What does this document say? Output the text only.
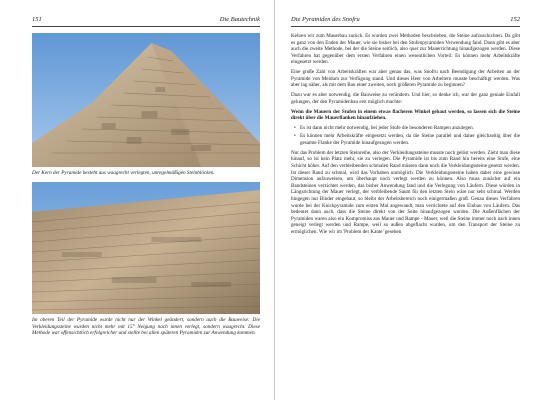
151	Die Bautechnik
Der Kern der Pyramide besteht aus waagrecht verlegten, unregelmäßigen Steinblöcken.
Im oberen Teil der Pyramide wurde nicht nur der Winkel geändert, sondern auch die Bauweise: Die Verkleidungssteine wurden nicht mehr mit 15° Neigung nach innen verlegt, sondern waagrecht. Diese Methode war offensichtlich erfolgreicher und stellte bei allen späteren Pyramiden zur Anwendung kommen.
Die Pyramiden des Snofru	152

Kehren wir zum Mauerbau zurück. Es wurden zwei Methoden beschrieben, die Steine aufzuschichten. Da gibt es ganz von den Enden der Mauer, wie sie bisher bei den Stufenpyramiden Verwendung fand. Dann gibt es aber auch die zweite Methode, bei der die Steine seitlich, also quer zur Mauerrichtung hinaufgezogen werden. Diese Verfahren hat gegenüber dem ersten Verfahren einen wesentlichen Vorteil: Es können mehr Arbeitskräfte eingesetzt werden.

Eine große Zahl von Arbeitskräften war aber genau das, was Snofru nach Beendigung der Arbeiten an der Pyramide von Meidum zur Verfügung stand. Und dieses Heer von Arbeitern musste beschäftigt werden. Was aber lag näher, als mit dem Bau einer zweiten, noch größeren Pyramide zu beginnen?

Dazu war es aber notwendig, die Bauweise zu verändern. Und hier, so denke ich, war der ganz geniale Einfall gelungen, der den Pyramidenbau erst möglich machte:

Wenn die Mauern der Stufen in einem etwas flacheren Winkel gebaut werden, so lassen sich die Steine direkt über die Mauerflanken hinaufziehen.

• Es ist dann nicht mehr notwendig, bei jeder Stufe die besonderen Rampen anzulegen.
• Es können mehr Arbeitskräfte eingesetzt werden, da die Steine parallel und daher gleichzeitig über die gesamte Flanke der Pyramide hinaufgezogen werden.

Nur das Problem der letzten Steinreihe, also der Verkleidungssteine musste noch gelöst werden. Zieht man diese hinauf, so ist kein Platz mehr, sie zu verlegen. Die Pyramide ist bis zum Rand hin bereits eine Stufe, eine Schicht höher. Auf den verbleibenden schmalen Rand müssen dann noch die Verkleidungssteine gesetzt werden. Ist dieser Rand zu schmal, wird das Vorhaben unmöglich. Die Verkleidungssteine haben daher eine gewisse Dimension aufzuweisen, um überhaupt noch verlegt werden zu können. Also muss zunächst auf ein Bandsteinen verzichtet werden, das bisher Anwendung fand und die Verlegung von Läufern. Diese würden in Längsrichtung der Mauer verlegt, der verbleibende Saum für den letzten Stein wäre nur sehr schmal. Werden hingegen nur Binder eingebaut, so bleibt der Arbeitsbereich noch einigermaßen groß. Genau dieses Verfahren wurde bei der Knickpyramide zum ersten Mal angewandt, man verrichtete auf den Einbau von Läufern. Das bedeutet dann auch, dass die Steine direkt von der Seite hinaufgezogen wurden. Die Außenflächen der Pyramiden waren also ein Kompromiss aus Mauer und Rampe - Mauer, weil die Steine immer noch nach innen geneigt verlegt werden und Rampe, weil so außen abgeflacht wurden, um den Transport der Steine zu ermöglichen. Wie wir im 'Problem der Kante' gesehen
